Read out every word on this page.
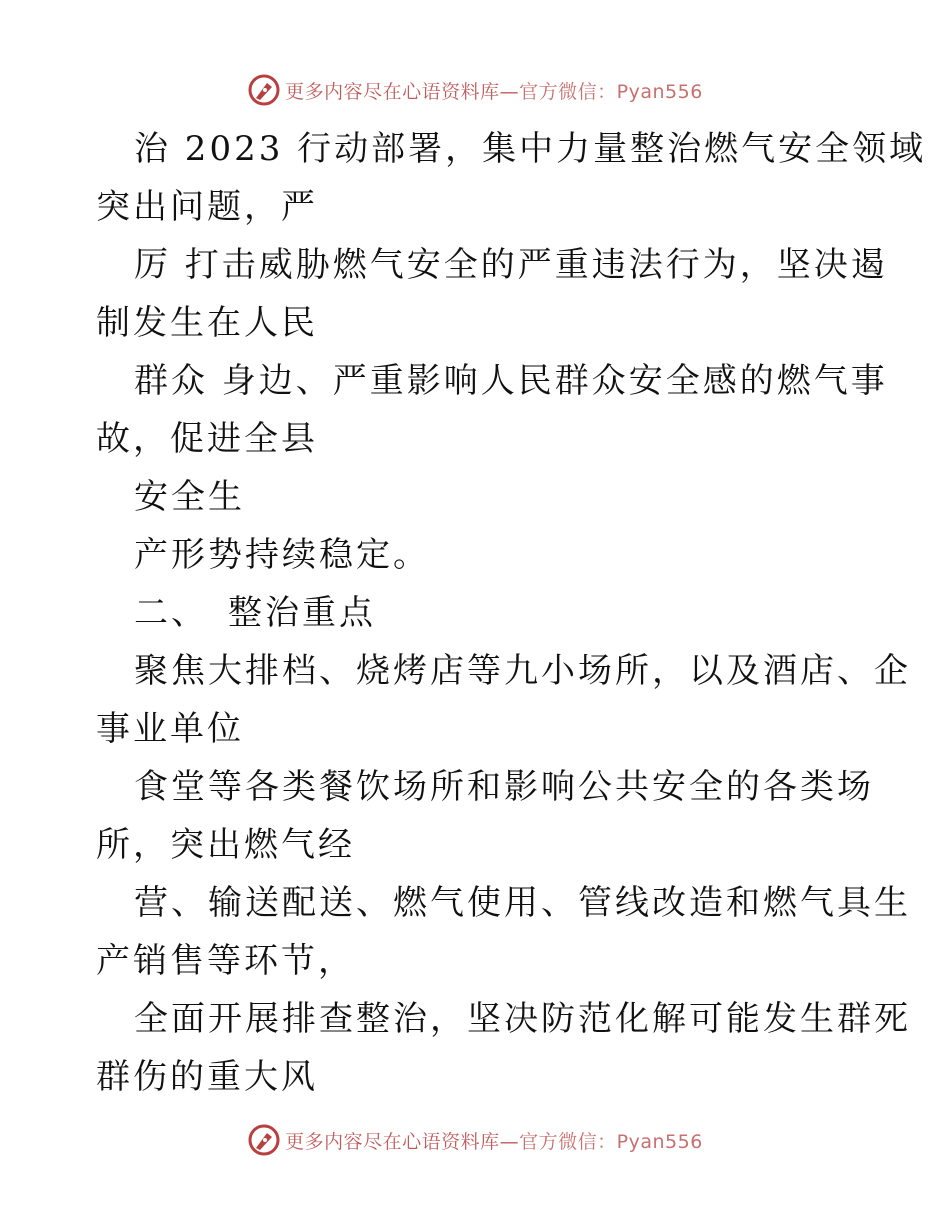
更多内容尽在心语资料库—官方微信：Pyan556

治 2023 行动部署，集中力量整治燃气安全领域

突出问题，严

厉 打击威胁燃气安全的严重违法行为，坚决遏

制发生在人民

群众 身边、严重影响人民群众安全感的燃气事

故，促进全县

安全生

产形势持续稳定。

二、　整治重点

聚焦大排档、烧烤店等九小场所，以及酒店、企

事业单位

食堂等各类餐饮场所和影响公共安全的各类场

所，突出燃气经

营、输送配送、燃气使用、管线改造和燃气具生

产销售等环节，

全面开展排查整治，坚决防范化解可能发生群死

群伤的重大风

更多内容尽在心语资料库—官方微信：Pyan556
